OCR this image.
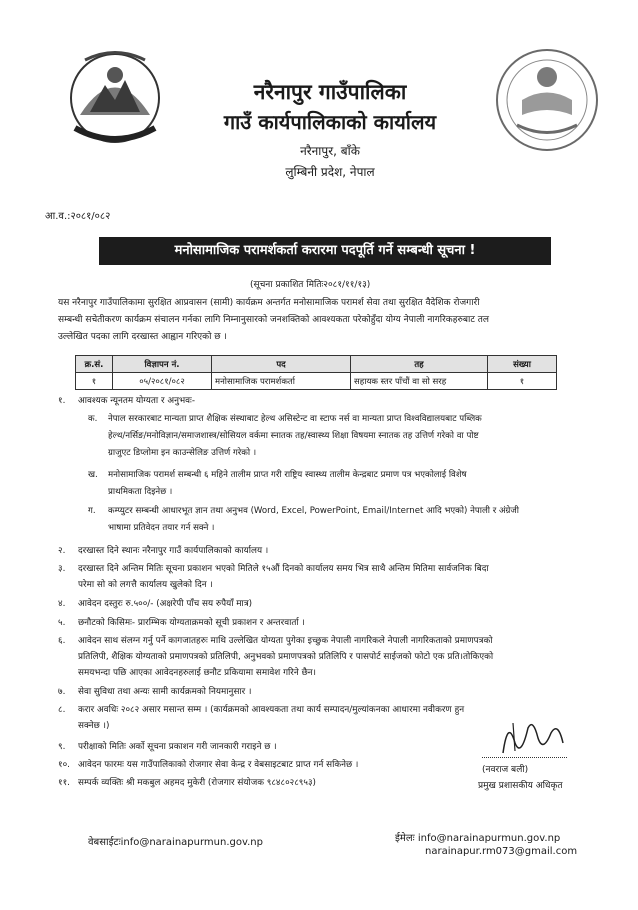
नरैनापुर गाउँपालिका
गाउँ कार्यपालिकाको कार्यालय
नरैनापुर, बाँके
लुम्बिनी प्रदेश, नेपाल
आ.व.:२०८१/०८२
मनोसामाजिक परामर्शकर्ता करारमा पदपूर्ति गर्ने सम्बन्धी सूचना !
(सूचना प्रकाशित मितिः२०८१/११/१३)
यस नरैनापुर गाउँपालिकामा सुरक्षित आप्रवासन (सामी) कार्यक्रम अन्तर्गत मनोसामाजिक परामर्श सेवा तथा सुरक्षित वैदेशिक रोजगारी
सम्बन्धी सचेतीकरण कार्यक्रम संचालन गर्नका लागि निम्नानुसारको जनशक्तिको आवश्यकता परेकोहुँदा योग्य नेपाली नागरिकहरुबाट तल
उल्लेखित पदका लागि दरखास्त आह्वान गरिएको छ ।
क्र.सं.	विज्ञापन नं.	पद	तह	संख्या
१	०५/२०८१/०८२	मनोसामाजिक परामर्शकर्ता	सहायक स्तर पाँचौं वा सो सरह	१
१. आवश्यक न्यूनतम योग्यता र अनुभवः-
क. नेपाल सरकारबाट मान्यता प्राप्त शैक्षिक संस्थाबाट हेल्थ असिस्टेन्ट वा स्टाफ नर्स वा मान्यता प्राप्त विश्वविद्यालयबाट पब्लिक
हेल्थ/नर्सिङ/मनोविज्ञान/समाजशास्त्र/सोसियल वर्कमा स्नातक तह/स्वास्थ्य शिक्षा विषयमा स्नातक तह उत्तिर्ण गरेको वा पोष्ट
ग्राजुएट डिप्लोमा इन काउन्सेलिङ उत्तिर्ण गरेको ।
ख. मनोसामाजिक परामर्श सम्बन्धी ६ महिने तालीम प्राप्त गरी राष्ट्रिय स्वास्थ्य तालीम केन्द्रबाट प्रमाण पत्र भएकोलाई विशेष
प्राथमिकता दिइनेछ ।
ग. कम्प्युटर सम्बन्धी आधारभूत ज्ञान तथा अनुभव (Word, Excel, PowerPoint, Email/Internet आदि भएको) नेपाली र अंग्रेजी
भाषामा प्रतिवेदन तयार गर्न सक्ने ।
२. दरखास्त दिने स्थानः नरैनापुर गाउँ कार्यपालिकाको कार्यालय ।
३. दरखास्त दिने अन्तिम मितिः सूचना प्रकाशन भएको मितिले १५औं दिनको कार्यालय समय भित्र साथै अन्तिम मितिमा सार्वजनिक बिदा
परेमा सो को लगत्तै कार्यालय खुलेको दिन ।
४. आवेदन दस्तुरः रु.५००/- (अक्षरेपी पाँच सय रुपैयाँ मात्र)
५. छनौटको किसिमः- प्रारम्भिक योग्यताक्रमको सूची प्रकाशन र अन्तरवार्ता ।
६. आवेदन साथ संलग्न गर्नु पर्ने कागजातहरुः माथि उल्लेखित योग्यता पुगेका इच्छुक नेपाली नागरिकले नेपाली नागरिकताको प्रमाणपत्रको
प्रतिलिपी, शैक्षिक योग्यताको प्रमाणपत्रको प्रतिलिपी, अनुभवको प्रमाणपत्रको प्रतिलिपि र पासपोर्ट साईजको फोटो एक प्रति।तोकिएको
समयभन्दा पछि आएका आवेदनहरुलाई छनौट प्रकियामा समावेश गरिने छैन।
७. सेवा सुविधा तथा अन्यः सामी कार्यक्रमको नियमानुसार ।
८. करार अवधिः २०८२ असार मसान्त सम्म । (कार्यक्रमको आवश्यकता तथा कार्य सम्पादन/मुल्यांकनका आधारमा नवीकरण हुन
सक्नेछ ।)
९. परीक्षाको मितिः अर्को सूचना प्रकाशन गरी जानकारी गराइने छ ।
१०. आवेदन फारमः यस गाउँपालिकाको रोजगार सेवा केन्द्र र वेबसाइटबाट प्राप्त गर्न सकिनेछ ।
११. सम्पर्क व्यक्तिः श्री मकबुल अहमद मुकेरी (रोजगार संयोजक ९८४८०२८९५३)
(नवराज बली)
प्रमुख प्रशासकीय अधिकृत
वेबसाईटःinfo@narainapurmun.gov.np	ईमेलः info@narainapurmun.gov.np
narainapur.rm073@gmail.com
